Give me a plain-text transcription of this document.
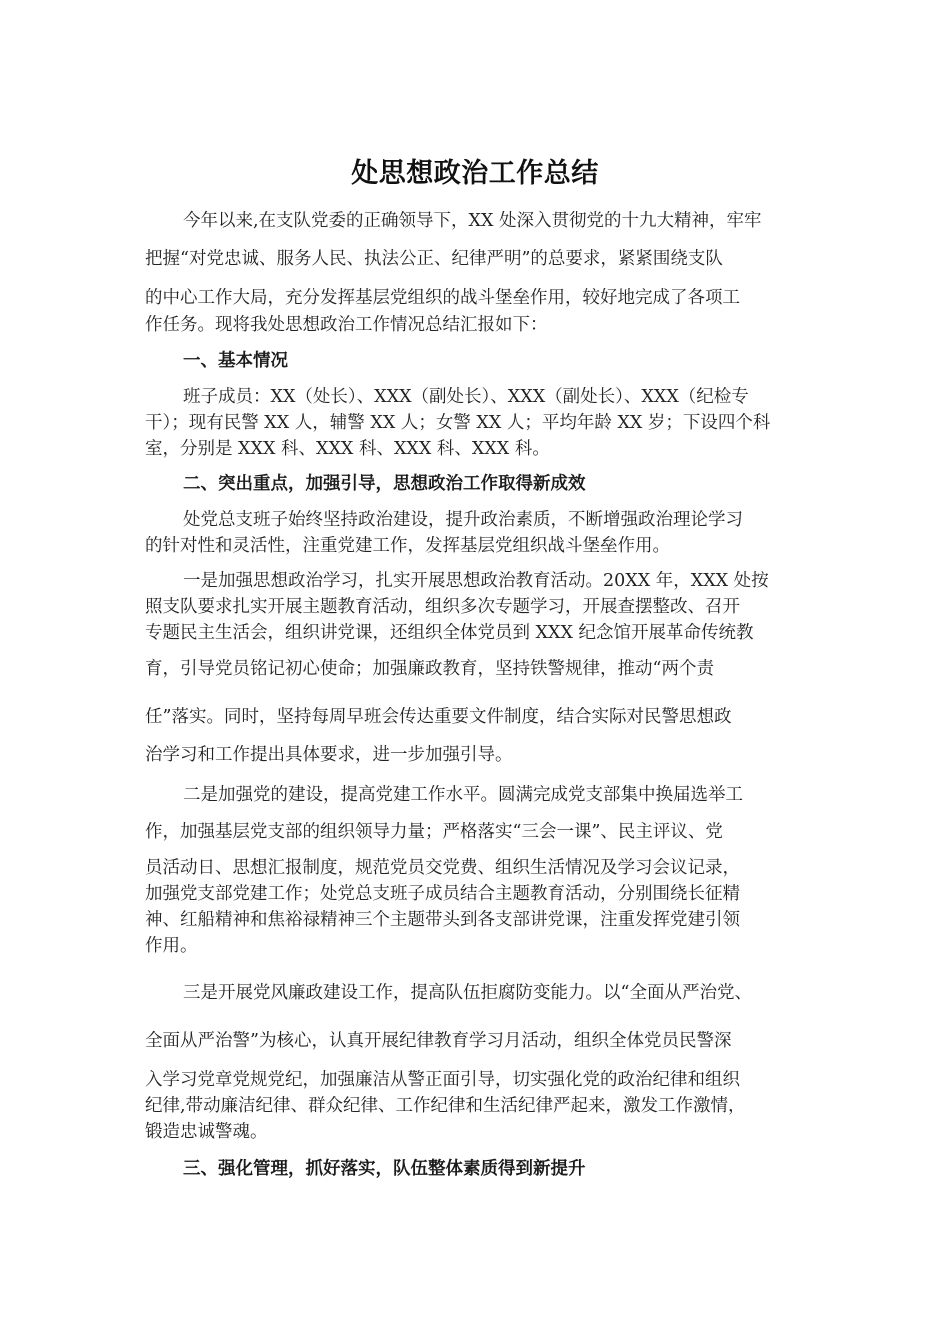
处思想政治工作总结
今年以来,在支队党委的正确领导下，XX 处深入贯彻党的十九大精神，牢牢
把握“对党忠诚、服务人民、执法公正、纪律严明”的总要求，紧紧围绕支队
的中心工作大局，充分发挥基层党组织的战斗堡垒作用，较好地完成了各项工
作任务。现将我处思想政治工作情况总结汇报如下：
一、基本情况
班子成员：XX（处长）、XXX（副处长）、XXX（副处长）、XXX（纪检专
干）；现有民警 XX 人，辅警 XX 人；女警 XX 人；平均年龄 XX 岁；下设四个科
室，分别是 XXX 科、XXX 科、XXX 科、XXX 科。
二、突出重点，加强引导，思想政治工作取得新成效
处党总支班子始终坚持政治建设，提升政治素质，不断增强政治理论学习
的针对性和灵活性，注重党建工作，发挥基层党组织战斗堡垒作用。
一是加强思想政治学习，扎实开展思想政治教育活动。20XX 年，XXX 处按
照支队要求扎实开展主题教育活动，组织多次专题学习，开展查摆整改、召开
专题民主生活会，组织讲党课，还组织全体党员到 XXX 纪念馆开展革命传统教
育，引导党员铭记初心使命；加强廉政教育，坚持铁警规律，推动“两个责
任”落实。同时，坚持每周早班会传达重要文件制度，结合实际对民警思想政
治学习和工作提出具体要求，进一步加强引导。
二是加强党的建设，提高党建工作水平。圆满完成党支部集中换届选举工
作，加强基层党支部的组织领导力量；严格落实“三会一课”、民主评议、党
员活动日、思想汇报制度，规范党员交党费、组织生活情况及学习会议记录，
加强党支部党建工作；处党总支班子成员结合主题教育活动，分别围绕长征精
神、红船精神和焦裕禄精神三个主题带头到各支部讲党课，注重发挥党建引领
作用。
三是开展党风廉政建设工作，提高队伍拒腐防变能力。以“全面从严治党、
全面从严治警”为核心，认真开展纪律教育学习月活动，组织全体党员民警深
入学习党章党规党纪，加强廉洁从警正面引导，切实强化党的政治纪律和组织
纪律,带动廉洁纪律、群众纪律、工作纪律和生活纪律严起来，激发工作激情，
锻造忠诚警魂。
三、强化管理，抓好落实，队伍整体素质得到新提升
